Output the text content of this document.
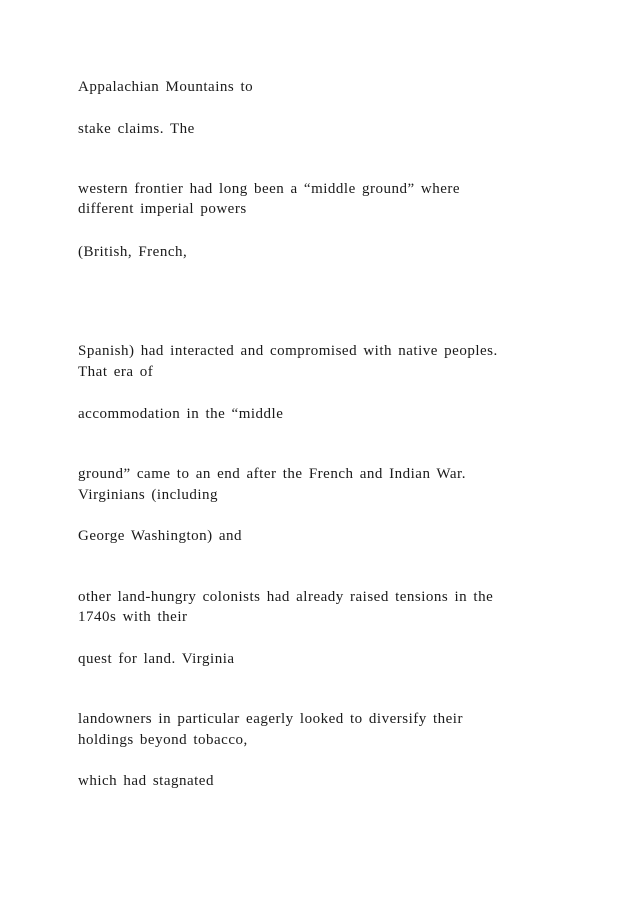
Appalachian Mountains to

stake claims. The

western frontier had long been a “middle ground” where

different imperial powers

(British, French,

Spanish) had interacted and compromised with native peoples.

That era of

accommodation in the “middle

ground” came to an end after the French and Indian War.

Virginians (including

George Washington) and

other land-hungry colonists had already raised tensions in the

1740s with their

quest for land. Virginia

landowners in particular eagerly looked to diversify their

holdings beyond tobacco,

which had stagnated
